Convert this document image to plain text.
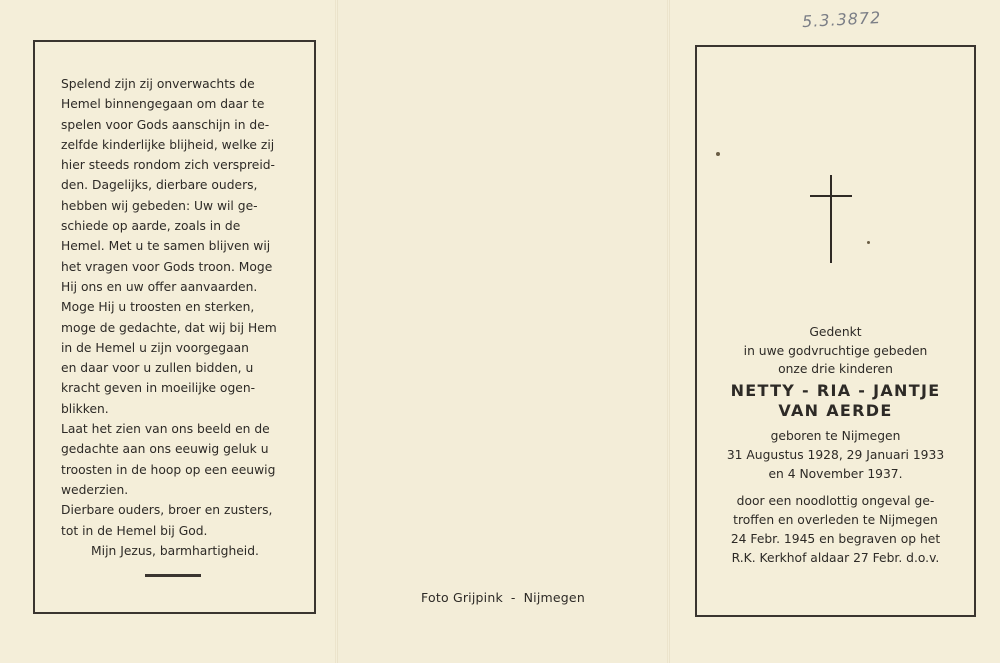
Spelend zijn zij onverwachts de

Hemel binnengegaan om daar te

spelen voor Gods aanschijn in de-

zelfde kinderlijke blijheid, welke zij

hier steeds rondom zich verspreid-

den. Dagelijks, dierbare ouders,

hebben wij gebeden: Uw wil ge-

schiede op aarde, zoals in de

Hemel. Met u te samen blijven wij

het vragen voor Gods troon. Moge

Hij ons en uw offer aanvaarden.

Moge Hij u troosten en sterken,

moge de gedachte, dat wij bij Hem

in de Hemel u zijn voorgegaan

en daar voor u zullen bidden, u

kracht geven in moeilijke ogen-

blikken.

Laat het zien van ons beeld en de

gedachte aan ons eeuwig geluk u

troosten in de hoop op een eeuwig

wederzien.

Dierbare ouders, broer en zusters,

tot in de Hemel bij God.

Mijn Jezus, barmhartigheid.

Foto Grijpink - Nijmegen
5.3.3872
Gedenkt
in uwe godvruchtige gebeden
onze drie kinderen
NETTY - RIA - JANTJE
VAN AERDE
geboren te Nijmegen
31 Augustus 1928, 29 Januari 1933
en 4 November 1937.
door een noodlottig ongeval ge-
troffen en overleden te Nijmegen
24 Febr. 1945 en begraven op het
R.K. Kerkhof aldaar 27 Febr. d.o.v.
